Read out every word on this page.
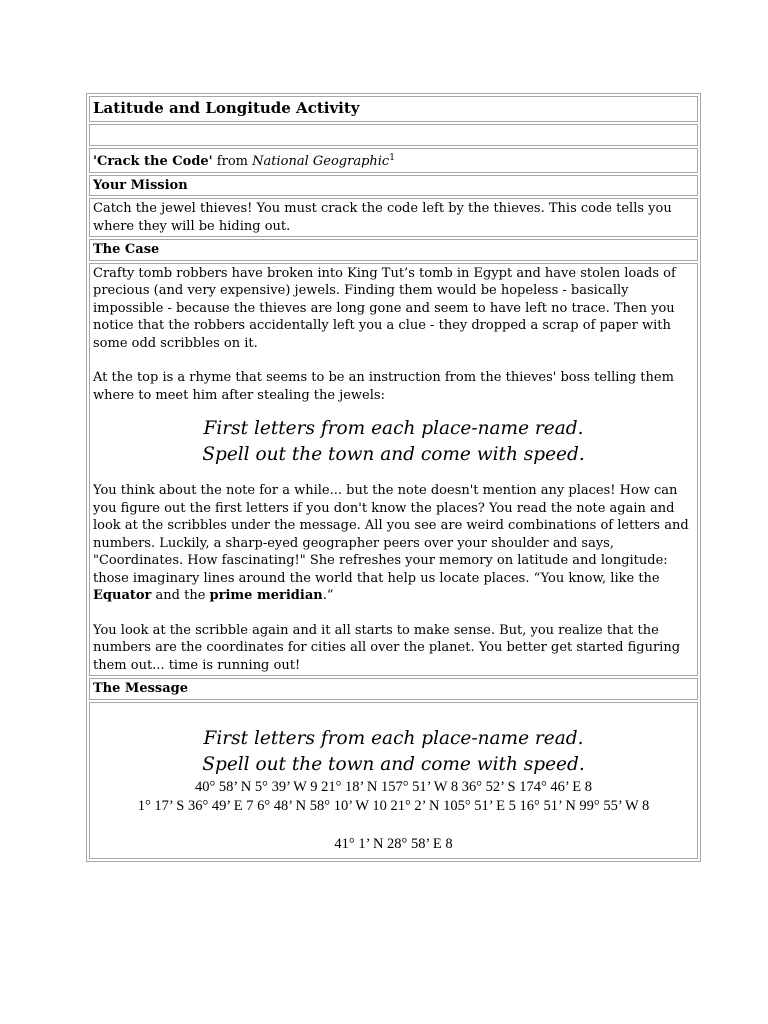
Latitude and Longitude Activity
'Crack the Code' from National Geographic$^1$
Your Mission
Catch the jewel thieves! You must crack the code left by the thieves. This code tells you where they will be hiding out.
The Case

Crafty tomb robbers have broken into King Tut’s tomb in Egypt and have stolen loads of precious (and very expensive) jewels. Finding them would be hopeless - basically impossible - because the thieves are long gone and seem to have left no trace. Then you notice that the robbers accidentally left you a clue - they dropped a scrap of paper with some odd scribbles on it.

At the top is a rhyme that seems to be an instruction from the thieves' boss telling them where to meet him after stealing the jewels:

First letters from each place-name read.
Spell out the town and come with speed.

You think about the note for a while... but the note doesn't mention any places! How can you figure out the first letters if you don't know the places? You read the note again and look at the scribbles under the message. All you see are weird combinations of letters and numbers. Luckily, a sharp-eyed geographer peers over your shoulder and says, "Coordinates. How fascinating!" She refreshes your memory on latitude and longitude: those imaginary lines around the world that help us locate places. “You know, like the Equator and the prime meridian.”

You look at the scribble again and it all starts to make sense. But, you realize that the numbers are the coordinates for cities all over the planet. You better get started figuring them out... time is running out!

The Message
First letters from each place-name read.
Spell out the town and come with speed.
40° 58’ N 5° 39’ W 9 21° 18’ N 157° 51’ W 8 36° 52’ S 174° 46’ E 8
1° 17’ S 36° 49’ E 7 6° 48’ N 58° 10’ W 10 21° 2’ N 105° 51’ E 5 16° 51’ N 99° 55’ W 8
41° 1’ N 28° 58’ E 8
